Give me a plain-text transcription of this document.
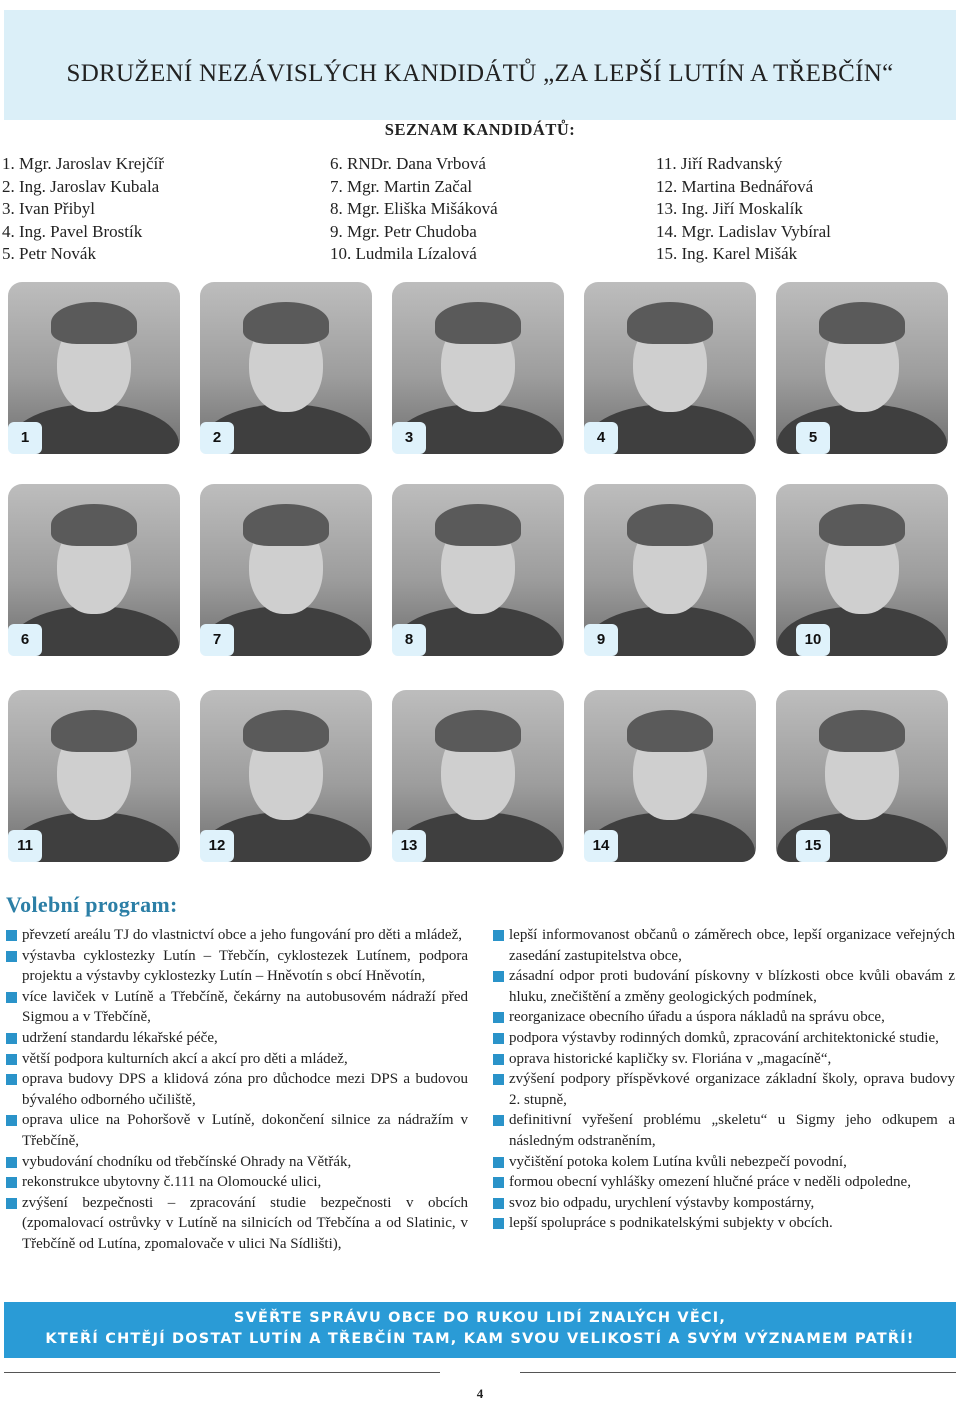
SDRUŽENÍ NEZÁVISLÝCH KANDIDÁTŮ „ZA LEPŠÍ LUTÍN A TŘEBČÍN“
SEZNAM KANDIDÁTŮ:
1. Mgr. Jaroslav Krejčíř
2. Ing. Jaroslav Kubala
3. Ivan Přibyl
4. Ing. Pavel Brostík
5. Petr Novák
6. RNDr. Dana Vrbová
7. Mgr. Martin Začal
8. Mgr. Eliška Mišáková
9. Mgr. Petr Chudoba
10. Ludmila Lízalová
11. Jiří Radvanský
12. Martina Bednářová
13. Ing. Jiří Moskalík
14. Mgr. Ladislav Vybíral
15. Ing. Karel Mišák
1	2	3	4	5
6	7	8	9	10
11	12	13	14	15
Volební program:
převzetí areálu TJ do vlastnictví obce a jeho fungování pro děti a mládež,
výstavba cyklostezky Lutín – Třebčín, cyklostezek Lutínem, podpora projektu a výstavby cyklostezky Lutín – Hněvotín s obcí Hněvotín,
více laviček v Lutíně a Třebčíně, čekárny na autobusovém nádraží před Sigmou a v Třebčíně,
udržení standardu lékařské péče,
větší podpora kulturních akcí a akcí pro děti a mládež,
oprava budovy DPS a klidová zóna pro důchodce mezi DPS a budovou bývalého odborného učiliště,
oprava ulice na Pohoršově v Lutíně, dokončení silnice za nádražím v Třebčíně,
vybudování chodníku od třebčínské Ohrady na Větřák,
rekonstrukce ubytovny č.111 na Olomoucké ulici,
zvýšení bezpečnosti – zpracování studie bezpečnosti v obcích (zpomalovací ostrůvky v Lutíně na silnicích od Třebčína a od Slatinic, v Třebčíně od Lutína, zpomalovače v ulici Na Sídlišti),
lepší informovanost občanů o záměrech obce, lepší organizace veřejných zasedání zastupitelstva obce,
zásadní odpor proti budování pískovny v blízkosti obce kvůli obavám z hluku, znečištění a změny geologických podmínek,
reorganizace obecního úřadu a úspora nákladů na správu obce,
podpora výstavby rodinných domků, zpracování architektonické studie,
oprava historické kapličky sv. Floriána v „magacíně“,
zvýšení podpory příspěvkové organizace základní školy, oprava budovy 2. stupně,
definitivní vyřešení problému „skeletu“ u Sigmy jeho odkupem a následným odstraněním,
vyčištění potoka kolem Lutína kvůli nebezpečí povodní,
formou obecní vyhlášky omezení hlučné práce v neděli odpoledne,
svoz bio odpadu, urychlení výstavby kompostárny,
lepší spolupráce s podnikatelskými subjekty v obcích.
SVĚŘTE SPRÁVU OBCE DO RUKOU LIDÍ ZNALÝCH VĚCI,
KTEŘÍ CHTĚJÍ DOSTAT LUTÍN A TŘEBČÍN TAM, KAM SVOU VELIKOSTÍ A SVÝM VÝZNAMEM PATŘÍ!
4
